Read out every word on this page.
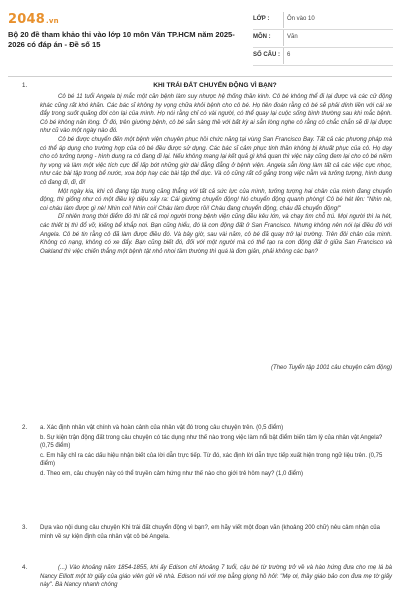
2048.vn
Bộ 20 đề tham khảo thi vào lớp 10 môn Văn TP.HCM năm 2025-2026 có đáp án - Đề số 15
LỚP :	Ôn vào 10
MÔN :	Văn
SỐ CÂU : 6
1.	KHI TRÁI ĐẤT CHUYỂN ĐỘNG VÌ BẠN?

Cô bé 11 tuổi Angela bị mắc một căn bệnh làm suy nhược hệ thống thần kinh. Cô bé không thể đi lại được và các cử động khác cũng rất khó khăn. Các bác sĩ không hy vọng chữa khỏi bệnh cho cô bé. Họ tiên đoán rằng cô bé sẽ phải dính liền với cái xe đẩy trong suốt quãng đời còn lại của mình. Họ nói rằng chỉ có vài người, có thể quay lại cuộc sống bình thường sau khi mắc bệnh. Cô bé không nản lòng. Ở đó, trên giường bệnh, cô bé sẵn sàng thề với bất kỳ ai sẵn lòng nghe cô rằng cô chắc chắn sẽ đi lại được như cũ vào một ngày nào đó.

Cô bé được chuyển đến một bệnh viện chuyên phục hồi chức năng tại vùng San Francisco Bay. Tất cả các phương pháp mà có thể áp dụng cho trường hợp của cô bé đều được sử dụng. Các bác sĩ cảm phục tinh thần không bị khuất phục của cô. Họ dạy cho cô tưởng tượng - hình dung ra cô đang đi lại. Nếu không mang lại kết quả gì khả quan thì việc này cũng đem lại cho cô bé niềm hy vọng và làm một việc tích cực để lấp bớt những giờ dài đằng đẵng ở bệnh viện. Angela sẵn lòng làm tất cả các việc cực nhọc, như các bài tập trong bể nước, xoa bóp hay các bài tập thể dục. Và cô cũng rất cố gắng trong việc nằm và tưởng tượng, hình dung cô đang đi, đi, đi!

Một ngày kia, khi cô đang tập trung căng thẳng với tất cả sức lực của mình, tưởng tượng hai chân của mình đang chuyển động, thì giống như có một điều kỳ diệu xảy ra: Cái giường chuyển động! Nó chuyển động quanh phòng! Cô bé hét lên: "Nhìn nè, coi cháu làm được gì nè! Nhìn coi! Nhìn coi! Cháu làm được rồi! Cháu đang chuyển động, cháu đã chuyển động!"

Dĩ nhiên trong thời điểm đó thì tất cả mọi người trong bệnh viện cũng đều kêu lớn, và chạy tìm chỗ trú. Mọi người thì la hét, các thiết bị thì đổ vỡ, kiếng bể khắp nơi. Bạn cũng hiểu, đó là cơn động đất ở San Francisco. Nhưng không nên nói lại điều đó với Angela. Cô bé tin rằng cô đã làm được điều đó. Và bây giờ, sau vài năm, cô bé đã quay trở lại trường. Trên đôi chân của mình. Không có nạng, không có xe đẩy. Bạn cũng biết đó, đối với một người mà có thể tạo ra cơn động đất ở giữa San Francisco và Oakland thì việc chiến thắng một bệnh tật nhỏ nhoi tầm thường thì quá là đơn giản, phải không các bạn?

(Theo Tuyển tập 1001 câu chuyện cảm động)
2. a. Xác định nhân vật chính và hoàn cảnh của nhân vật đó trong câu chuyện trên. (0,5 điểm)

b. Sự kiện trận động đất trong câu chuyện có tác dụng như thế nào trong việc làm nổi bật điểm biến tâm lý của nhân vật Angela? (0,75 điểm)

c. Em hãy chỉ ra các dấu hiệu nhận biết của lời dẫn trực tiếp. Từ đó, xác định lời dẫn trực tiếp xuất hiện trong ngữ liệu trên. (0,75 điểm)

d. Theo em, câu chuyện này có thể truyền cảm hứng như thế nào cho giới trẻ hôm nay? (1,0 điểm)

3. Dựa vào nội dung câu chuyện Khi trái đất chuyển động vì bạn?, em hãy viết một đoạn văn (khoảng 200 chữ) nêu cảm nhận của mình về sự kiện định của nhân vật cô bé Angela.
4.	(...) Vào khoảng năm 1854-1855, khi ấy Edison chỉ khoảng 7 tuổi, cậu bé từ trường trở về và hào hứng đưa cho mẹ lá bà Nancy Elliott một tờ giấy của giáo viên gửi về nhà. Edison nói với mẹ bằng giọng hồ hởi: "Mẹ ơi, thầy giáo bảo con đưa mẹ tờ giấy này". Bà Nancy nhanh chóng
